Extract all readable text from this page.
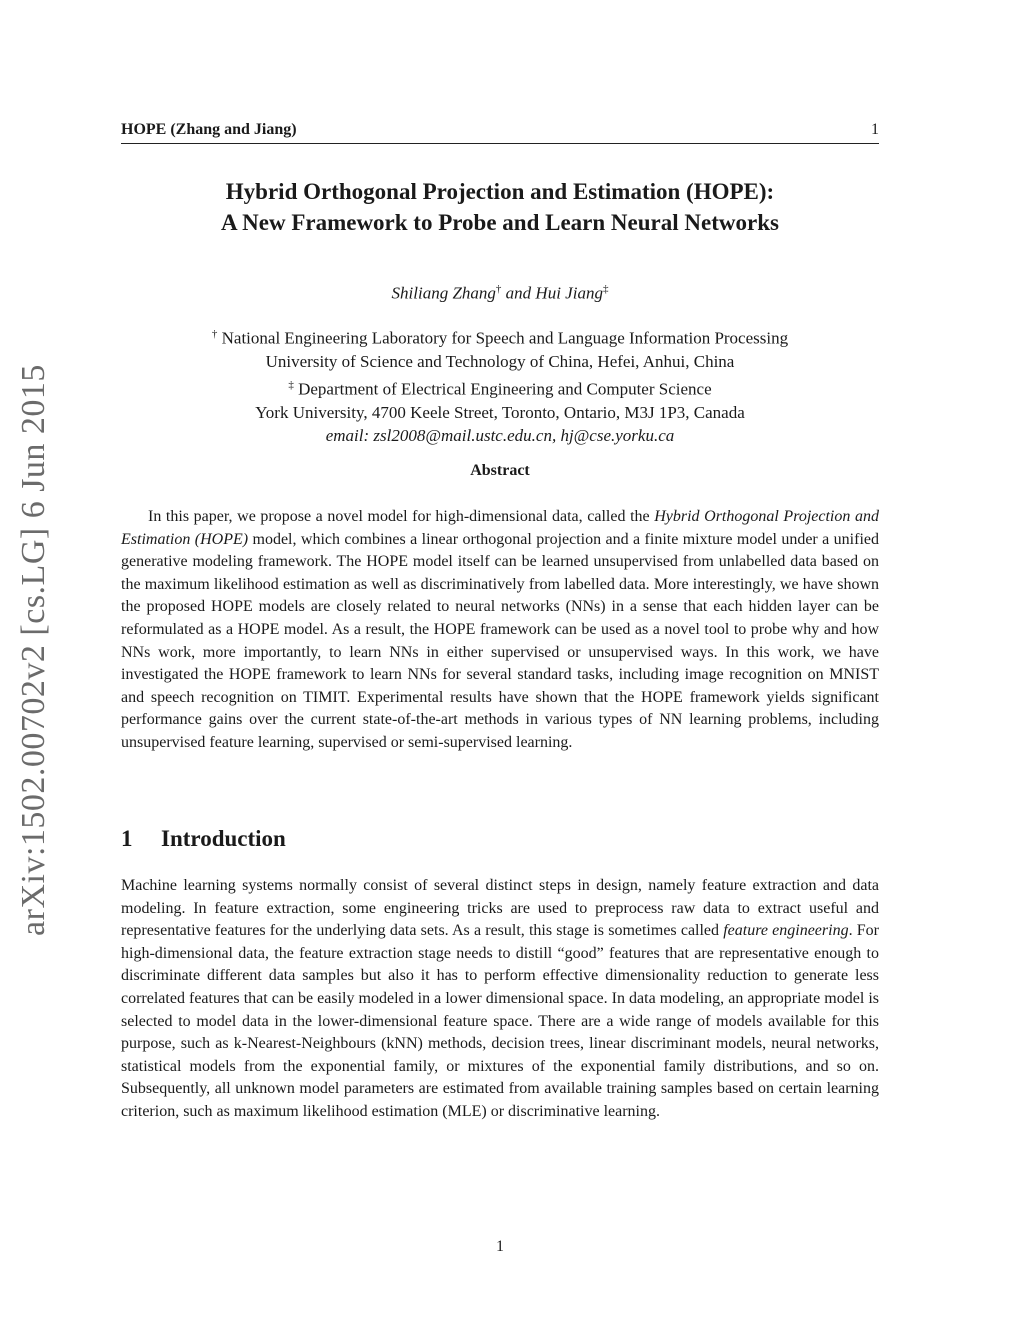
arXiv:1502.00702v2 [cs.LG] 6 Jun 2015
HOPE (Zhang and Jiang)	1
Hybrid Orthogonal Projection and Estimation (HOPE):
A New Framework to Probe and Learn Neural Networks
Shiliang Zhang† and Hui Jiang‡
† National Engineering Laboratory for Speech and Language Information Processing
University of Science and Technology of China, Hefei, Anhui, China
‡ Department of Electrical Engineering and Computer Science
York University, 4700 Keele Street, Toronto, Ontario, M3J 1P3, Canada
email: zsl2008@mail.ustc.edu.cn, hj@cse.yorku.ca
Abstract
In this paper, we propose a novel model for high-dimensional data, called the Hybrid Orthogonal Projection and Estimation (HOPE) model, which combines a linear orthogonal projection and a finite mixture model under a unified generative modeling framework. The HOPE model itself can be learned unsupervised from unlabelled data based on the maximum likelihood estimation as well as discriminatively from labelled data. More interestingly, we have shown the proposed HOPE models are closely related to neural networks (NNs) in a sense that each hidden layer can be reformulated as a HOPE model. As a result, the HOPE framework can be used as a novel tool to probe why and how NNs work, more importantly, to learn NNs in either supervised or unsupervised ways. In this work, we have investigated the HOPE framework to learn NNs for several standard tasks, including image recognition on MNIST and speech recognition on TIMIT. Experimental results have shown that the HOPE framework yields significant performance gains over the current state-of-the-art methods in various types of NN learning problems, including unsupervised feature learning, supervised or semi-supervised learning.
1 Introduction
Machine learning systems normally consist of several distinct steps in design, namely feature extraction and data modeling. In feature extraction, some engineering tricks are used to preprocess raw data to extract useful and representative features for the underlying data sets. As a result, this stage is sometimes called feature engineering. For high-dimensional data, the feature extraction stage needs to distill “good” features that are representative enough to discriminate different data samples but also it has to perform effective dimensionality reduction to generate less correlated features that can be easily modeled in a lower dimensional space. In data modeling, an appropriate model is selected to model data in the lower-dimensional feature space. There are a wide range of models available for this purpose, such as k-Nearest-Neighbours (kNN) methods, decision trees, linear discriminant models, neural networks, statistical models from the exponential family, or mixtures of the exponential family distributions, and so on. Subsequently, all unknown model parameters are estimated from available training samples based on certain learning criterion, such as maximum likelihood estimation (MLE) or discriminative learning.
1
